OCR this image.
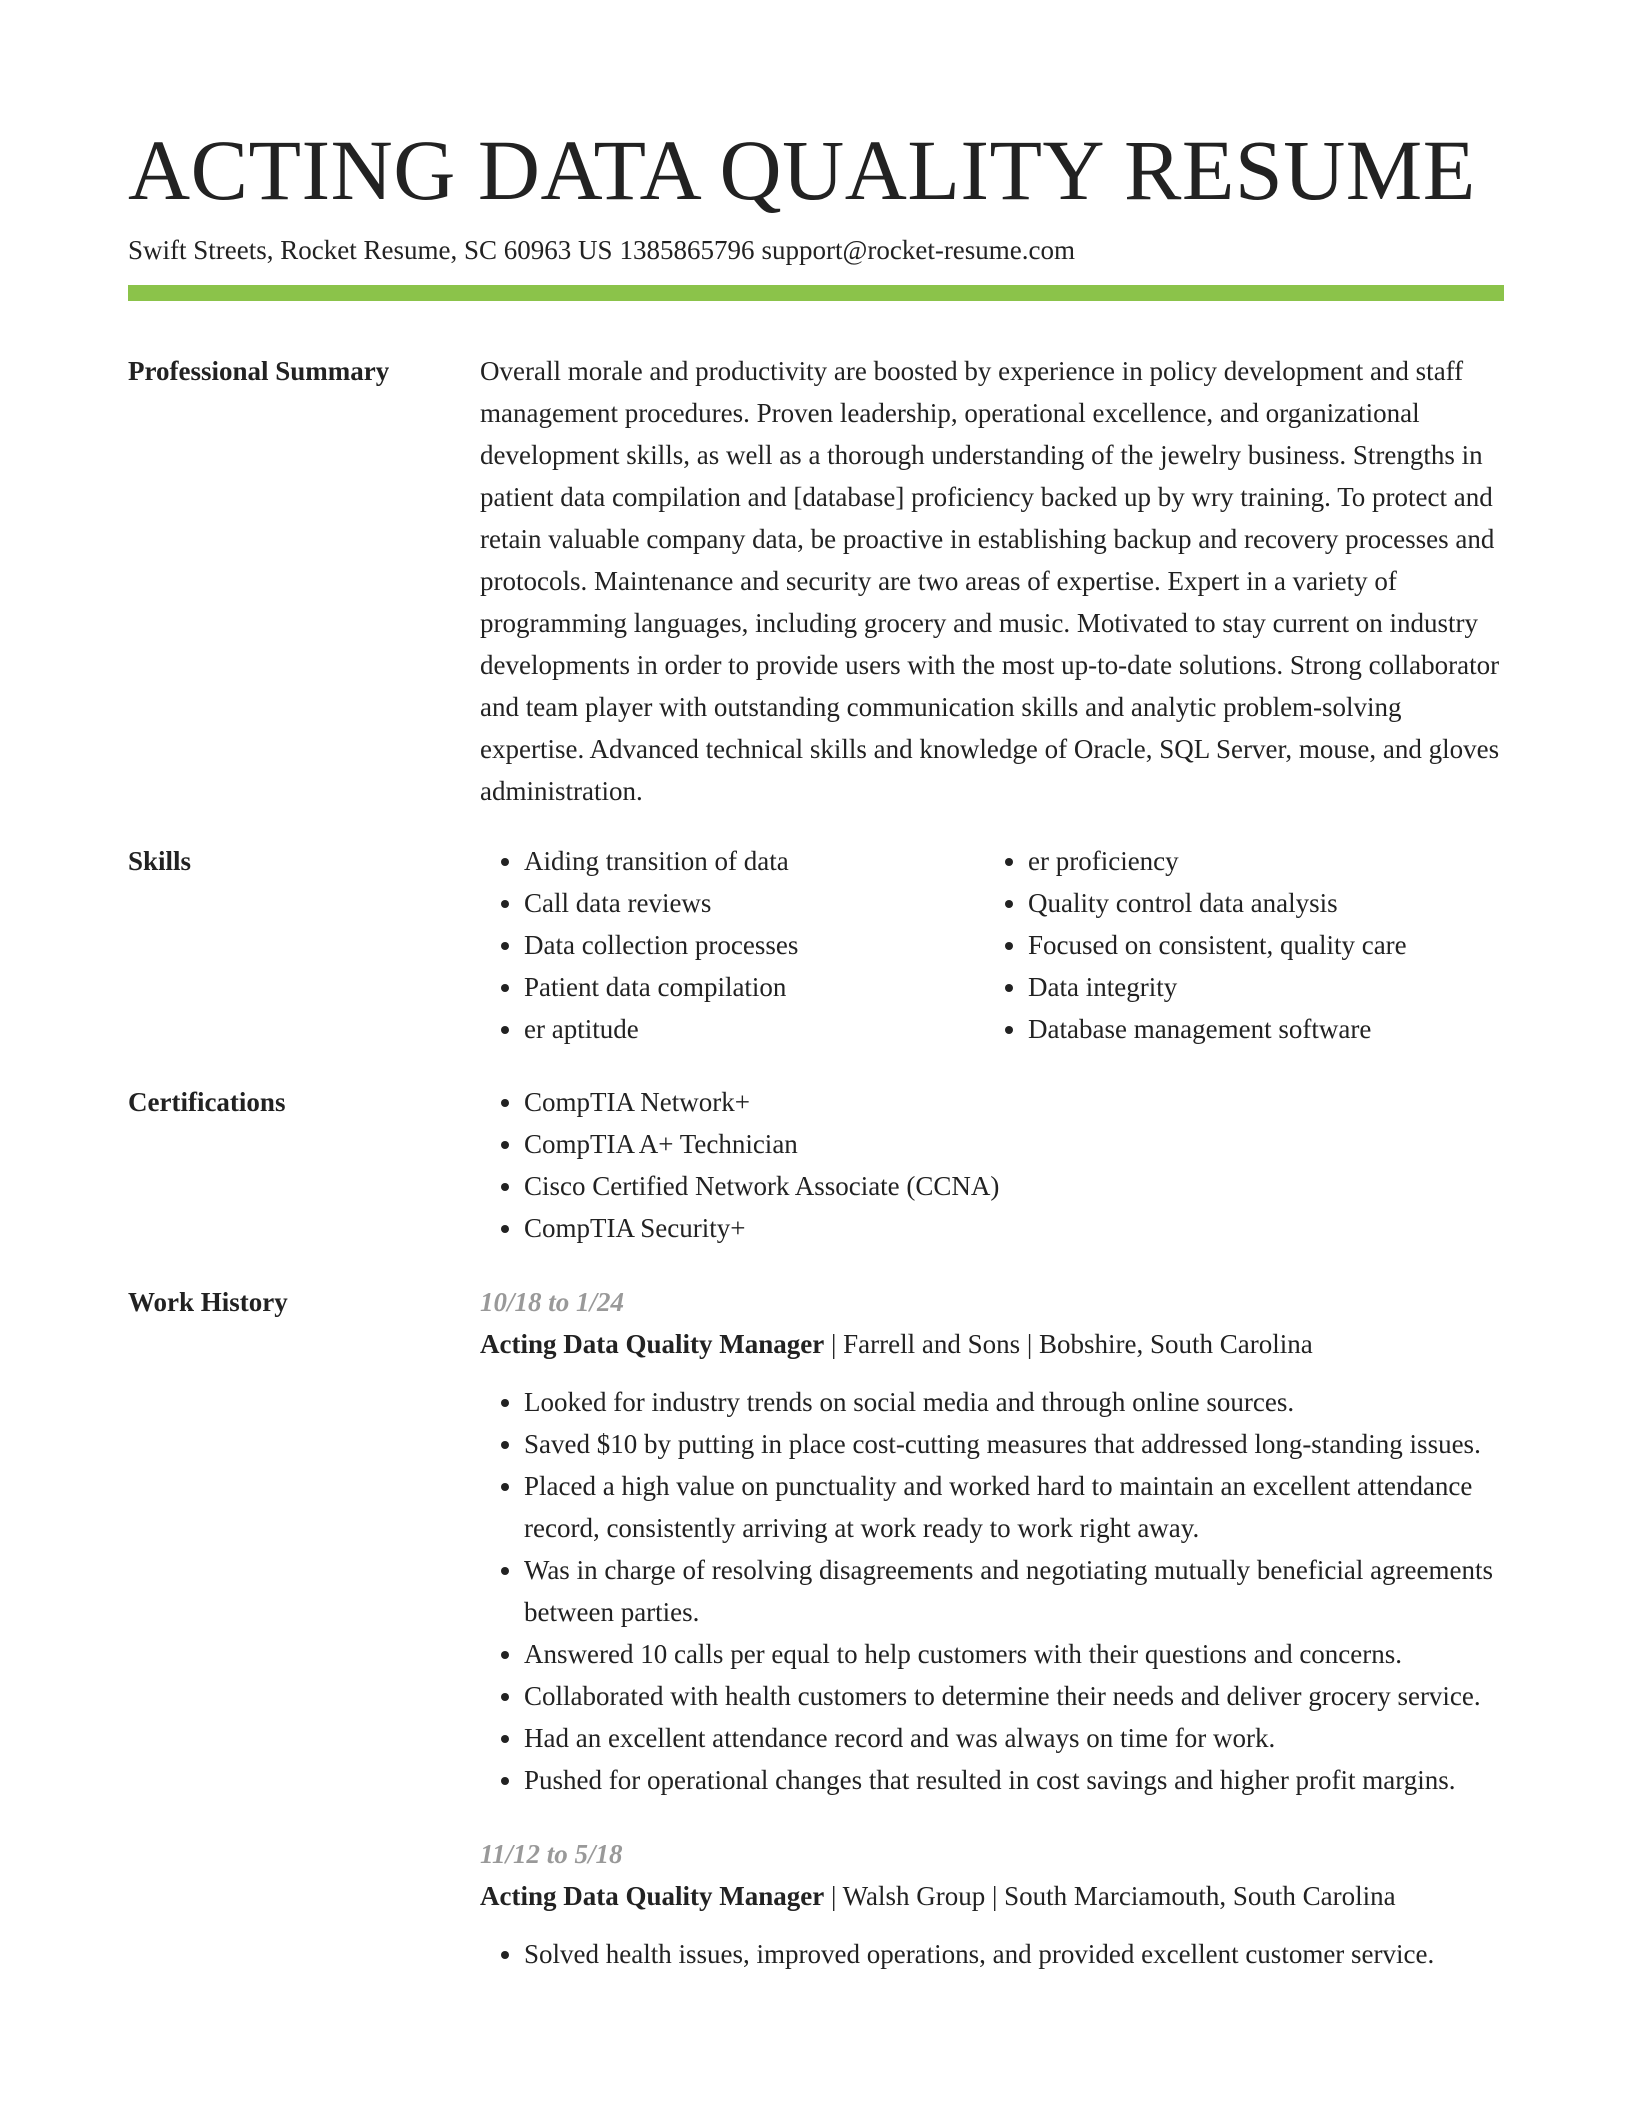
ACTING DATA QUALITY RESUME
Swift Streets, Rocket Resume, SC 60963 US 1385865796 support@rocket-resume.com
Professional Summary	Overall morale and productivity are boosted by experience in policy development and staff management procedures. Proven leadership, operational excellence, and organizational development skills, as well as a thorough understanding of the jewelry business. Strengths in patient data compilation and [database] proficiency backed up by wry training. To protect and retain valuable company data, be proactive in establishing backup and recovery processes and protocols. Maintenance and security are two areas of expertise. Expert in a variety of programming languages, including grocery and music. Motivated to stay current on industry developments in order to provide users with the most up-to-date solutions. Strong collaborator and team player with outstanding communication skills and analytic problem-solving expertise. Advanced technical skills and knowledge of Oracle, SQL Server, mouse, and gloves administration.

Skills	• Aiding transition of data
• Call data reviews
• Data collection processes
• Patient data compilation
• er aptitude
• er proficiency
• Quality control data analysis
• Focused on consistent, quality care
• Data integrity
• Database management software
Certifications	• CompTIA Network+
• CompTIA A+ Technician
• Cisco Certified Network Associate (CCNA)
• CompTIA Security+
Work History	10/18 to 1/24
Acting Data Quality Manager | Farrell and Sons | Bobshire, South Carolina
• Looked for industry trends on social media and through online sources.
• Saved $10 by putting in place cost-cutting measures that addressed long-standing issues.
• Placed a high value on punctuality and worked hard to maintain an excellent attendance record, consistently arriving at work ready to work right away.
• Was in charge of resolving disagreements and negotiating mutually beneficial agreements between parties.
• Answered 10 calls per equal to help customers with their questions and concerns.
• Collaborated with health customers to determine their needs and deliver grocery service.
• Had an excellent attendance record and was always on time for work.
• Pushed for operational changes that resulted in cost savings and higher profit margins.
11/12 to 5/18
Acting Data Quality Manager | Walsh Group | South Marciamouth, South Carolina
• Solved health issues, improved operations, and provided excellent customer service.
